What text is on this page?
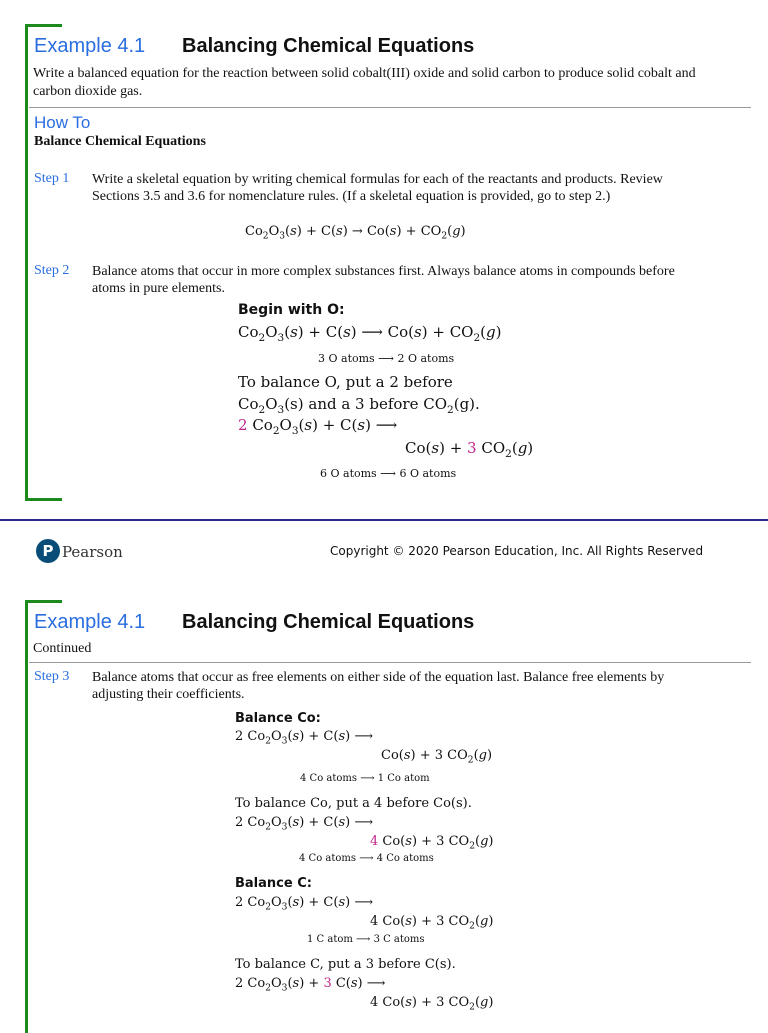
Example 4.1 Balancing Chemical Equations
Write a balanced equation for the reaction between solid cobalt(III) oxide and solid carbon to produce solid cobalt and
carbon dioxide gas.
How To
Balance Chemical Equations
Step 1 Write a skeletal equation by writing chemical formulas for each of the reactants and products. Review
Sections 3.5 and 3.6 for nomenclature rules. (If a skeletal equation is provided, go to step 2.)
$Co_2O_3(s) + C(s) \to Co(s) + CO_2(g)$
Step 2 Balance atoms that occur in more complex substances first. Always balance atoms in compounds before
atoms in pure elements.
Begin with O:
$Co_2O_3(s) + C(s)$ ⟶ $Co(s) + CO_2(g)$
3 O atoms ⟶ 2 O atoms
To balance O, put a 2 before
$Co_2O_3(s)$ and a 3 before $CO_2(g)$.
2 $Co_2O_3(s) + C(s)$ ⟶
Co(s) + 3 $CO_2(g)$
6 O atoms ⟶ 6 O atoms
P Pearson	Copyright © 2020 Pearson Education, Inc. All Rights Reserved
Example 4.1 Balancing Chemical Equations
Continued
Step 3 Balance atoms that occur as free elements on either side of the equation last. Balance free elements by
adjusting their coefficients.
Balance Co:
2 $Co_2O_3(s) + C(s)$ ⟶
Co(s) + 3 $CO_2(g)$
4 Co atoms ⟶ 1 Co atom
To balance Co, put a 4 before Co(s).
2 $Co_2O_3(s) + C(s)$ ⟶
4 Co(s) + 3 $CO_2(g)$
4 Co atoms ⟶ 4 Co atoms
Balance C:
2 $Co_2O_3(s) + C(s)$ ⟶
4 Co(s) + 3 $CO_2(g)$
1 C atom ⟶ 3 C atoms
To balance C, put a 3 before C(s).
2 $Co_2O_3(s) + 3$ C(s) ⟶
4 Co(s) + 3 $CO_2(g)$
